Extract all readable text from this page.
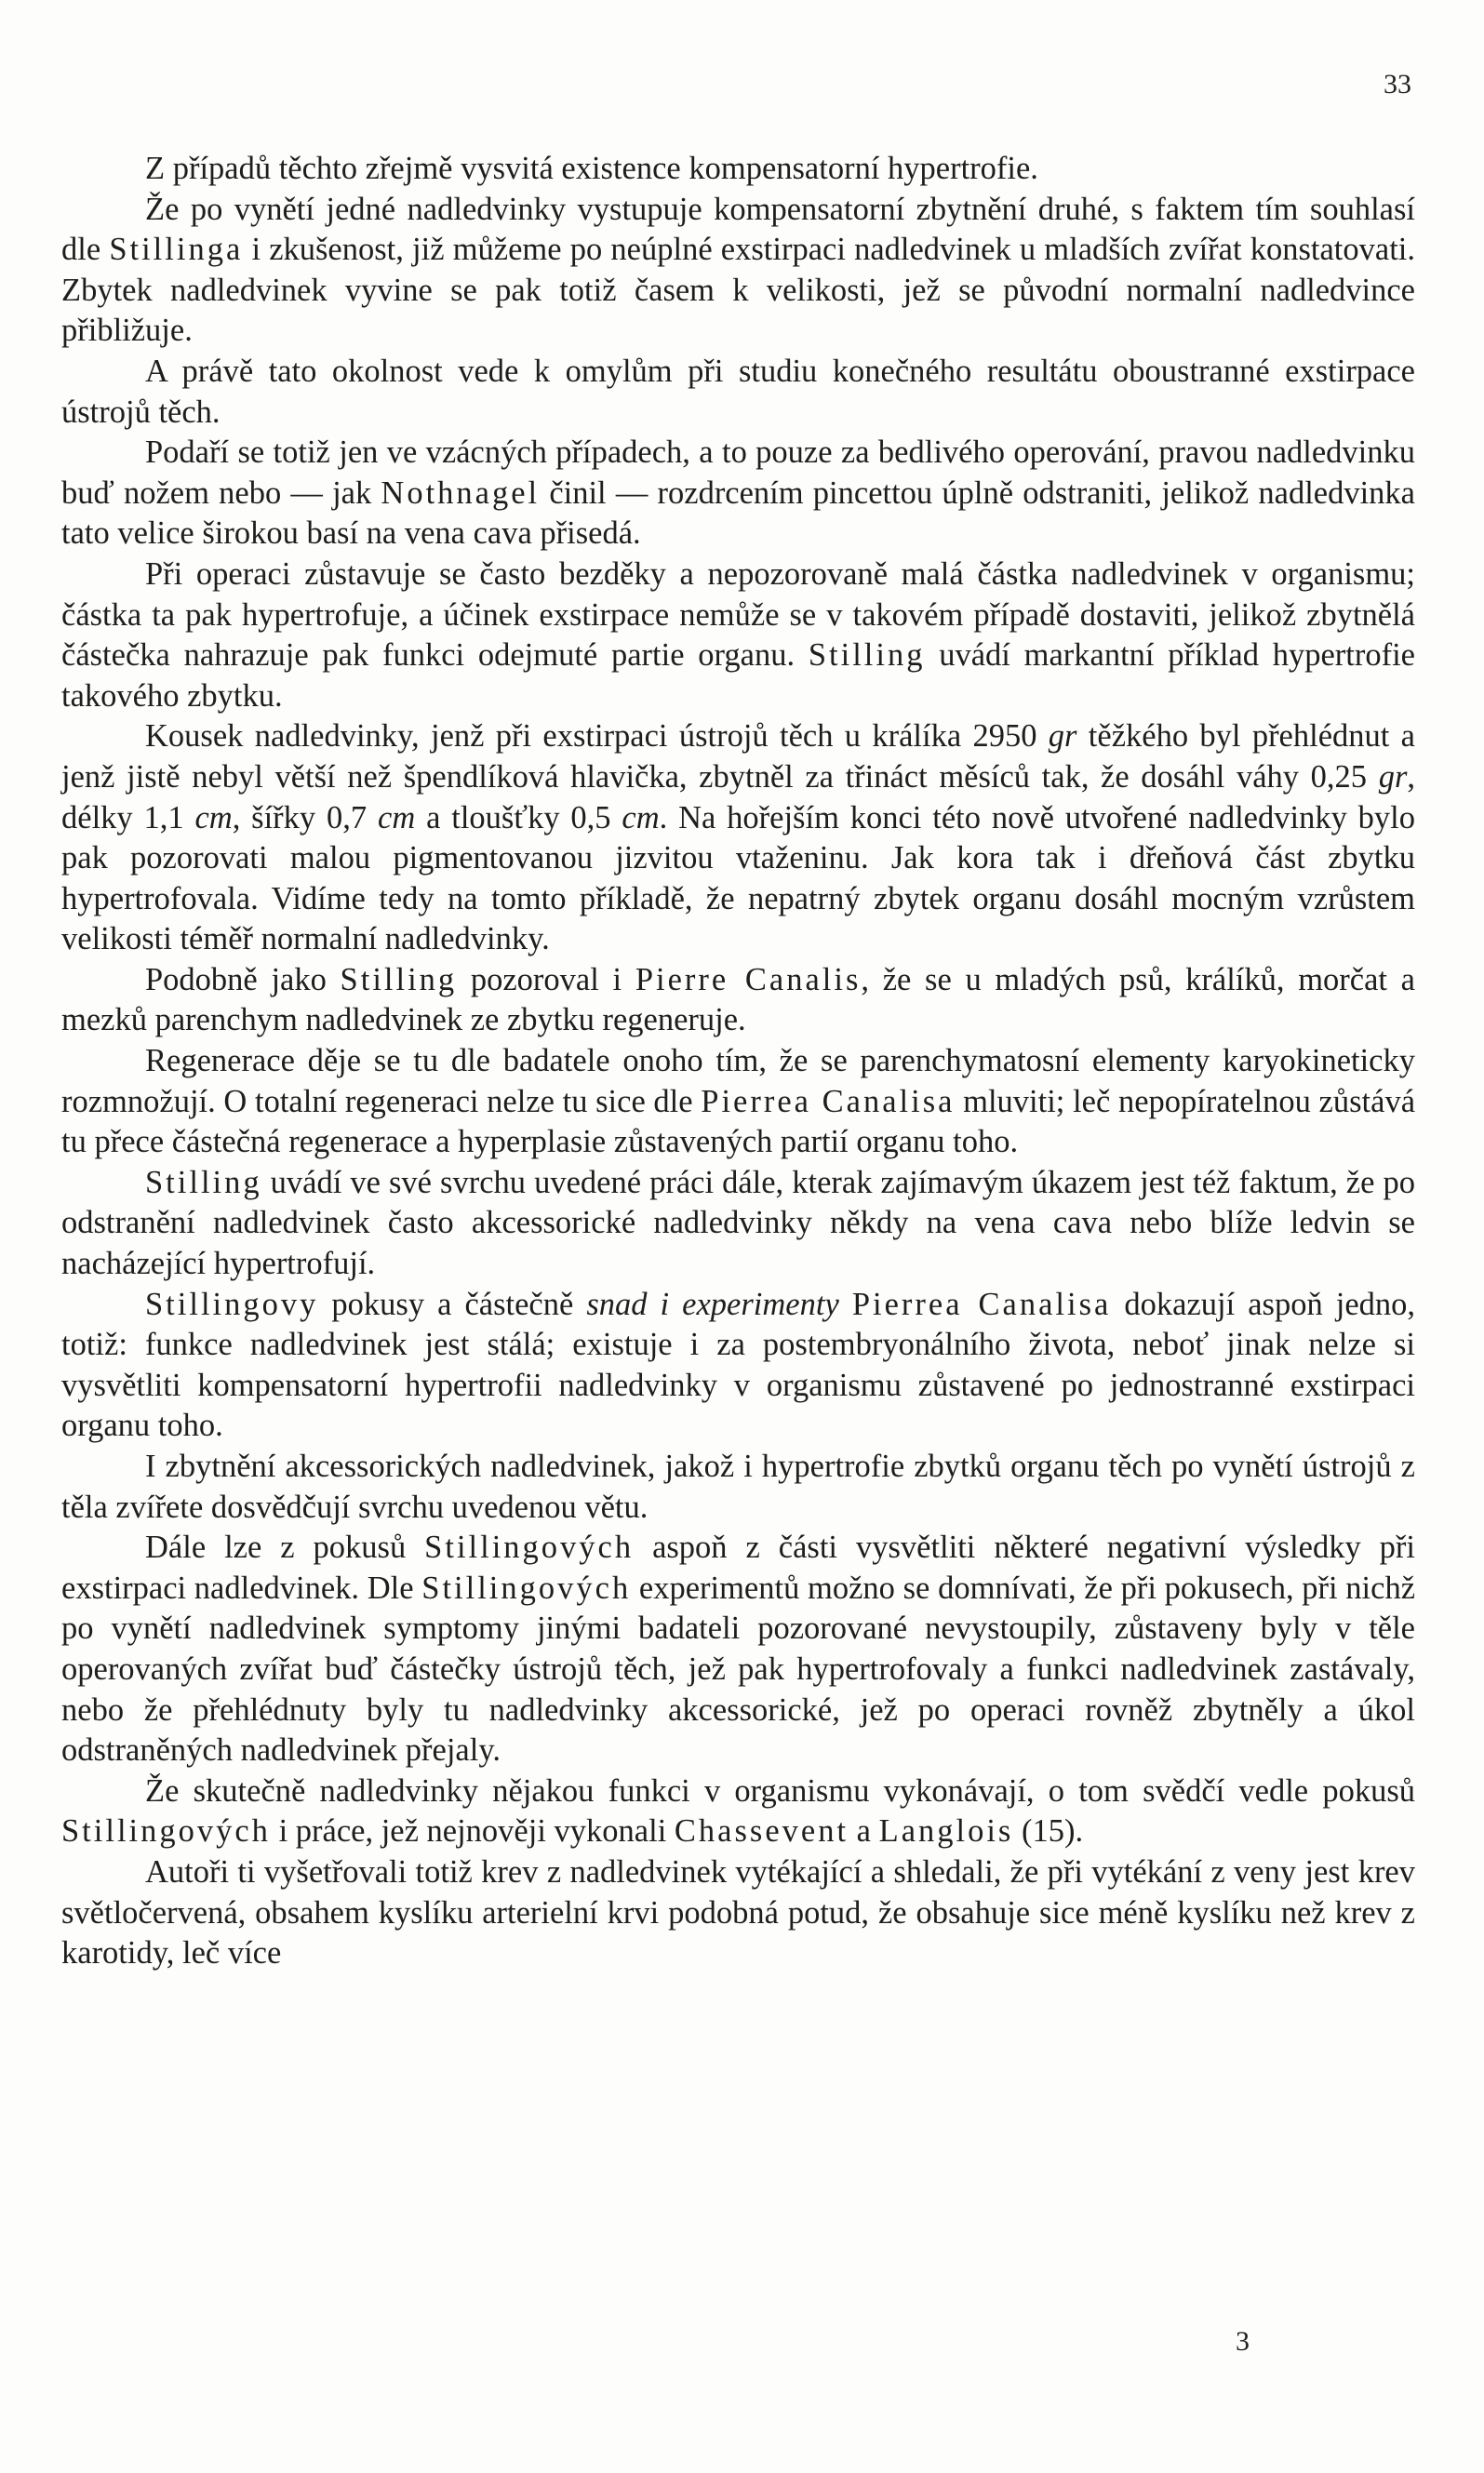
33

Z případů těchto zřejmě vysvitá existence kompensatorní hypertrofie.

Že po vynětí jedné nadledvinky vystupuje kompensatorní zbytnění druhé, s faktem tím souhlasí dle Stillinga i zkušenost, již můžeme po neúplné exstirpaci nadledvinek u mladších zvířat konstatovati. Zbytek nadledvinek vyvine se pak totiž časem k velikosti, jež se původní normalní nadledvince přibližuje.

A právě tato okolnost vede k omylům při studiu konečného resultátu oboustranné exstirpace ústrojů těch.

Podaří se totiž jen ve vzácných případech, a to pouze za bedlivého operování, pravou nadledvinku buď nožem nebo — jak Nothnagel činil — rozdrcením pincettou úplně odstraniti, jelikož nadledvinka tato velice širokou basí na vena cava přisedá.

Při operaci zůstavuje se často bezděky a nepozorovaně malá částka nadledvinek v organismu; částka ta pak hypertrofuje, a účinek exstirpace nemůže se v takovém případě dostaviti, jelikož zbytnělá částečka nahrazuje pak funkci odejmuté partie organu. Stilling uvádí markantní příklad hypertrofie takového zbytku.

Kousek nadledvinky, jenž při exstirpaci ústrojů těch u králíka 2950 gr těžkého byl přehlédnut a jenž jistě nebyl větší než špendlíková hlavička, zbytněl za třináct měsíců tak, že dosáhl váhy 0,25 gr, délky 1,1 cm, šířky 0,7 cm a tloušťky 0,5 cm. Na hořejším konci této nově utvořené nadledvinky bylo pak pozorovati malou pigmentovanou jizvitou vtaženinu. Jak kora tak i dřeňová část zbytku hypertrofovala. Vidíme tedy na tomto příkladě, že nepatrný zbytek organu dosáhl mocným vzrůstem velikosti téměř normalní nadledvinky.

Podobně jako Stilling pozoroval i Pierre Canalis, že se u mladých psů, králíků, morčat a mezků parenchym nadledvinek ze zbytku regeneruje.

Regenerace děje se tu dle badatele onoho tím, že se parenchymatosní elementy karyokineticky rozmnožují. O totalní regeneraci nelze tu sice dle Pierrea Canalisa mluviti; leč nepopíratelnou zůstává tu přece částečná regenerace a hyperplasie zůstavených partií organu toho.

Stilling uvádí ve své svrchu uvedené práci dále, kterak zajímavým úkazem jest též faktum, že po odstranění nadledvinek často akcessorické nadledvinky někdy na vena cava nebo blíže ledvin se nacházející hypertrofují.

Stillingovy pokusy a částečně snad i experimenty Pierrea Canalisa dokazují aspoň jedno, totiž: funkce nadledvinek jest stálá; existuje i za postembryonálního života, neboť jinak nelze si vysvětliti kompensatorní hypertrofii nadledvinky v organismu zůstavené po jednostranné exstirpaci organu toho.

I zbytnění akcessorických nadledvinek, jakož i hypertrofie zbytků organu těch po vynětí ústrojů z těla zvířete dosvědčují svrchu uvedenou větu.

Dále lze z pokusů Stillingových aspoň z části vysvětliti některé negativní výsledky při exstirpaci nadledvinek. Dle Stillingových experimentů možno se domnívati, že při pokusech, při nichž po vynětí nadledvinek symptomy jinými badateli pozorované nevystoupily, zůstaveny byly v těle operovaných zvířat buď částečky ústrojů těch, jež pak hypertrofovaly a funkci nadledvinek zastávaly, nebo že přehlédnuty byly tu nadledvinky akcessorické, jež po operaci rovněž zbytněly a úkol odstraněných nadledvinek přejaly.

Že skutečně nadledvinky nějakou funkci v organismu vykonávají, o tom svědčí vedle pokusů Stillingových i práce, jež nejnověji vykonali Chassevent a Langlois (15).

Autoři ti vyšetřovali totiž krev z nadledvinek vytékající a shledali, že při vytékání z veny jest krev světločervená, obsahem kyslíku arterielní krvi podobná potud, že obsahuje sice méně kyslíku než krev z karotidy, leč více

3
